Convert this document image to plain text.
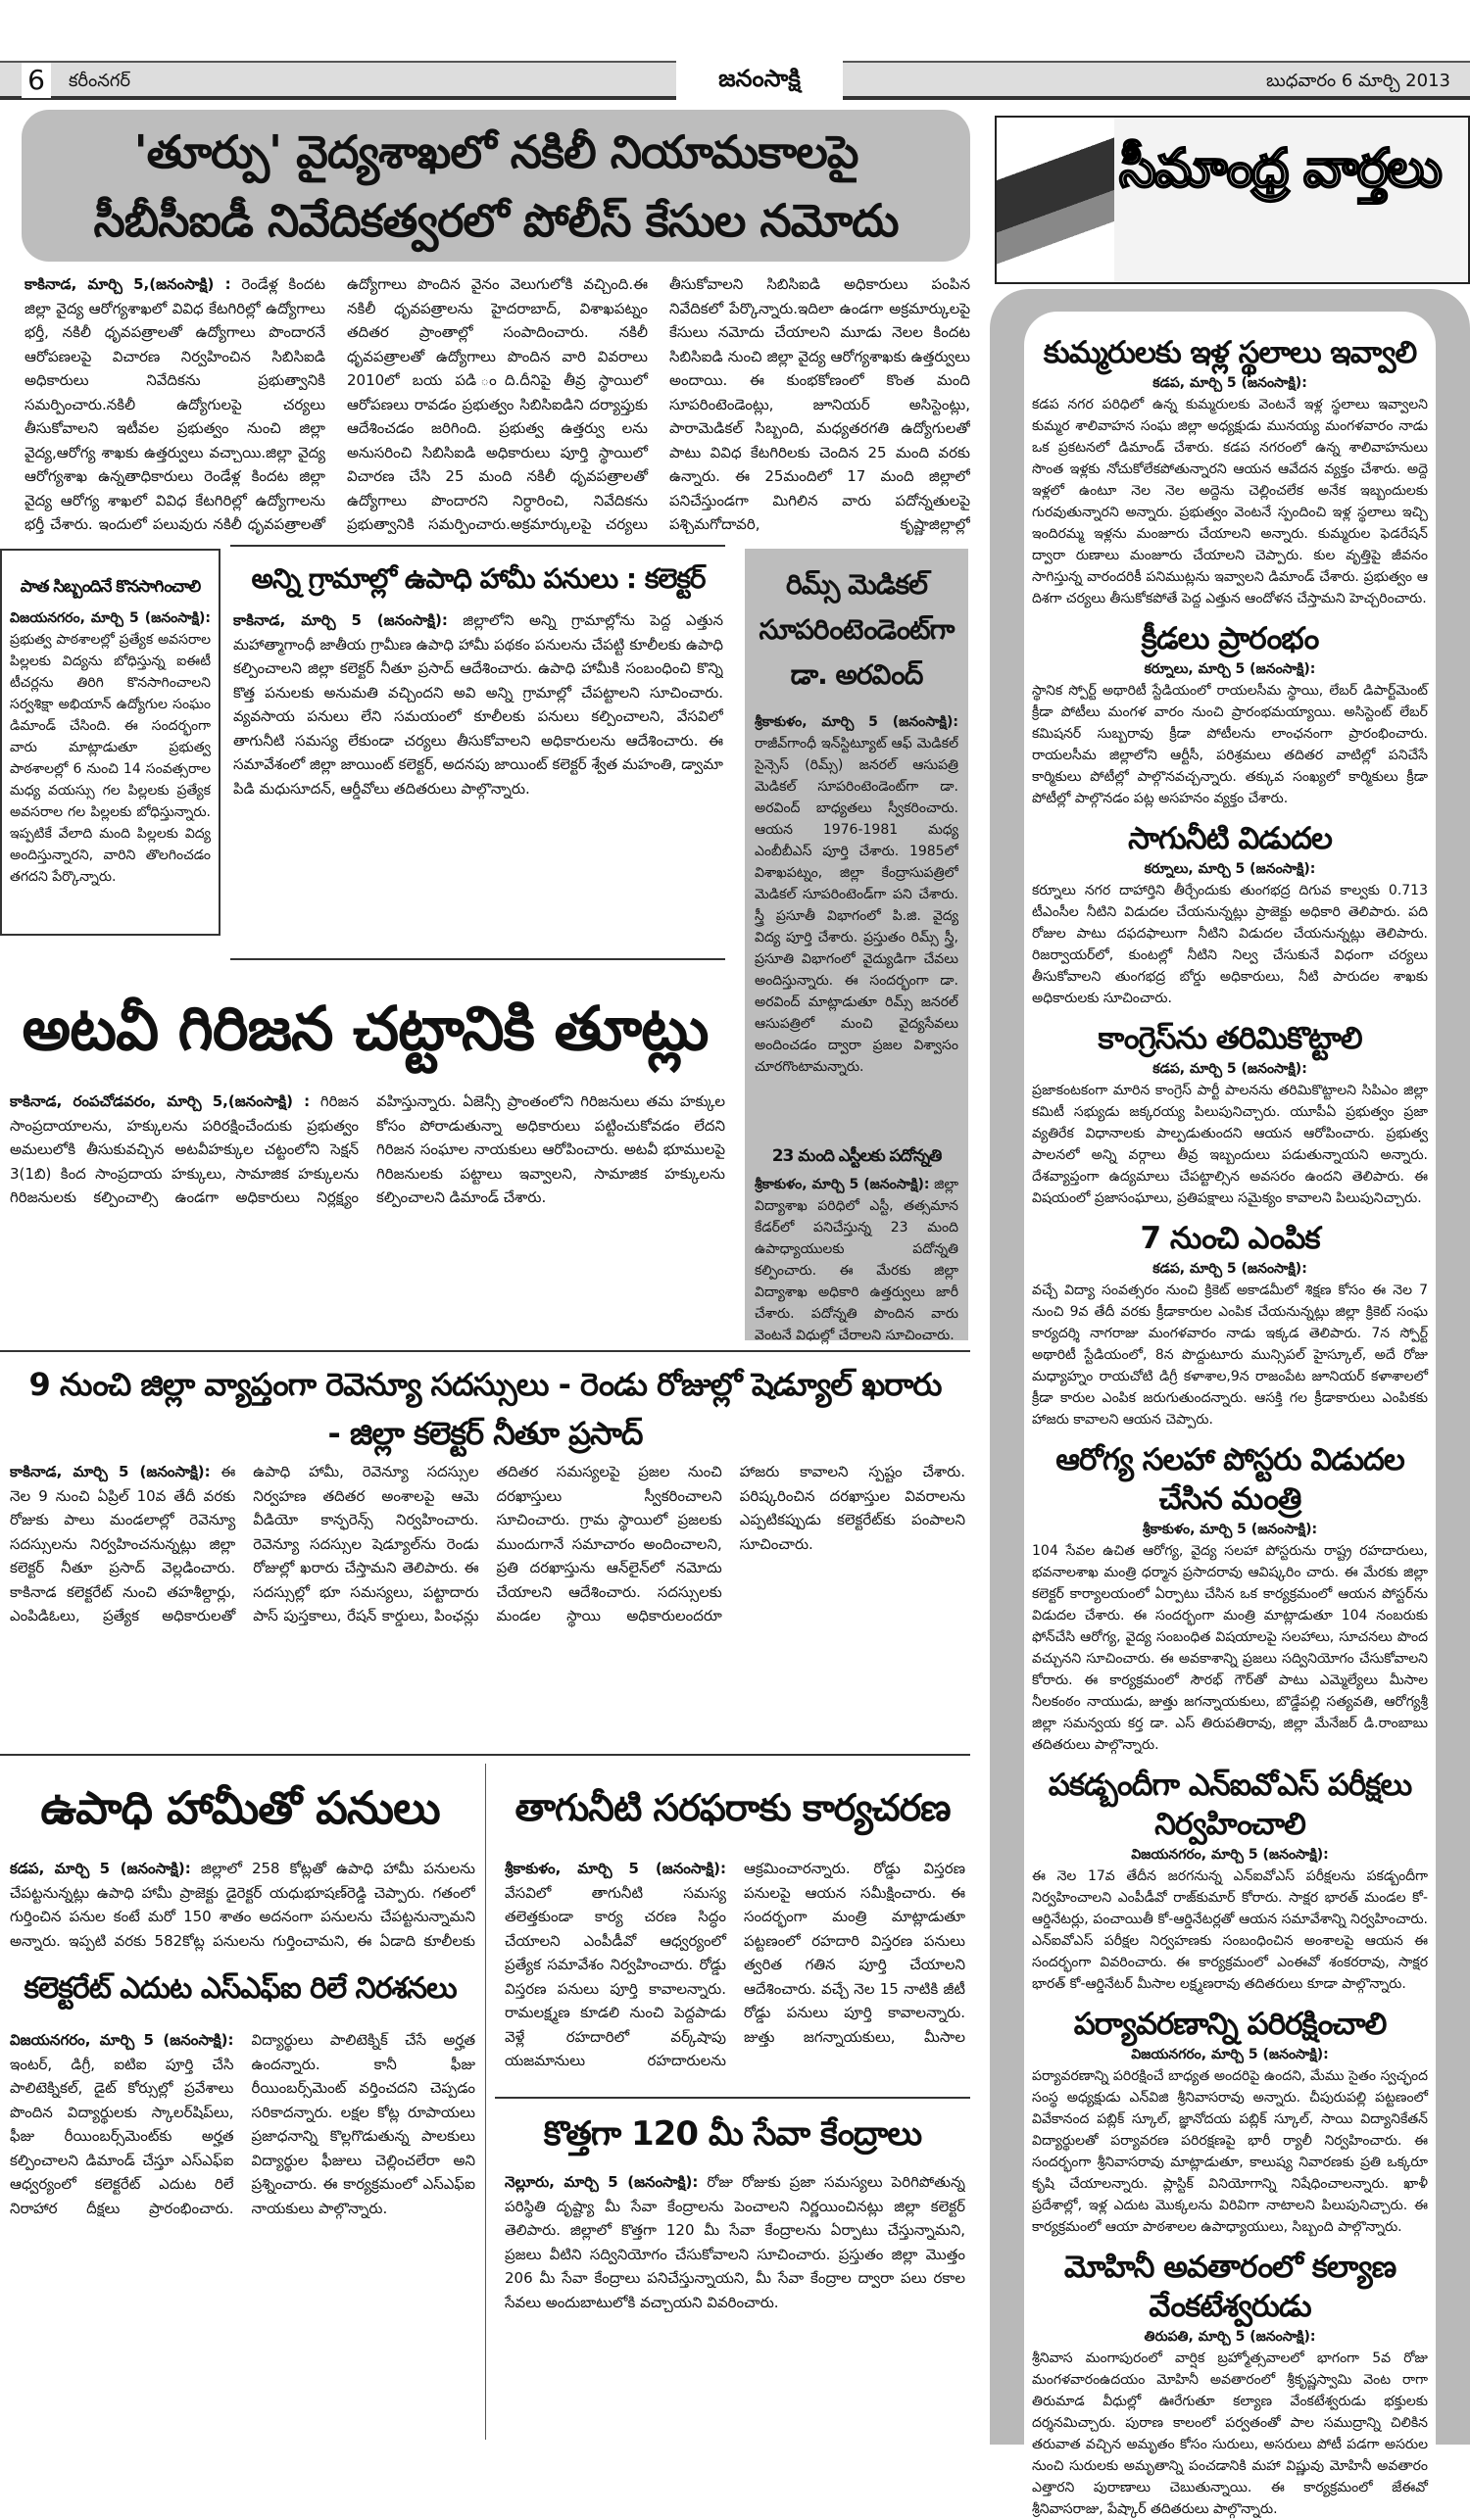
6	కరీంనగర్	జనంసాక్షి	బుధవారం 6 మార్చి 2013
'తూర్పు' వైద్యశాఖలో నకిలీ నియామకాలపై
సీబీసీఐడీ నివేదికత్వరలో పోలీస్ కేసుల నమోదు
కాకినాడ, మార్చి 5,(జనంసాక్షి) : రెండేళ్ల కిందట జిల్లా వైద్య ఆరోగ్యశాఖలో వివిధ కేటగిరిల్లో ఉద్యోగాలు భర్తీ, నకిలీ ధృవపత్రాలతో ఉద్యోగాలు పొందారనే ఆరోపణలపై విచారణ నిర్వహించిన సిబిసిఐడి అధికారులు నివేదికను ప్రభుత్వానికి సమర్పించారు.నకిలీ ఉద్యోగులపై చర్యలు తీసుకోవాలని ఇటీవల ప్రభుత్వం నుంచి జిల్లా వైద్య,ఆరోగ్య శాఖకు ఉత్తర్వులు వచ్చాయి.జిల్లా వైద్య ఆరోగ్యశాఖ ఉన్నతాధికారులు రెండేళ్ల కిందట జిల్లా వైద్య ఆరోగ్య శాఖలో వివిధ కేటగిరిల్లో ఉద్యోగాలను భర్తీ చేశారు. ఇందులో పలువురు నకిలీ ధృవపత్రాలతో ఉద్యోగాలు పొందిన వైనం వెలుగులోకి వచ్చింది.ఈ నకిలీ ధృవపత్రాలను హైదరాబాద్, విశాఖపట్నం తదితర ప్రాంతాల్లో సంపాదించారు. నకిలీ ధృవపత్రాలతో ఉద్యోగాలు పొందిన వారి వివరాలు 2010లో బయ పడి ంది.దీనిపై తీవ్ర స్థాయిలో ఆరోపణలు రావడం ప్రభుత్వం సిబిసిఐడిని దర్యాప్తుకు ఆదేశించడం జరిగింది. ప్రభుత్వ ఉత్తర్వు లను అనుసరించి సిబిసిఐడి అధికారులు పూర్తి స్థాయిలో విచారణ చేసి 25 మంది నకిలీ ధృవపత్రాలతో ఉద్యోగాలు పొందారని నిర్ధారించి, నివేదికను ప్రభుత్వానికి సమర్పించారు.అక్రమార్కులపై చర్యలు తీసుకోవాలని సిబిసిఐడి అధికారులు పంపిన నివేదికలో పేర్కొన్నారు.ఇదిలా ఉండగా అక్రమార్కులపై కేసులు నమోదు చేయాలని మూడు నెలల కిందట సిబిసిఐడి నుంచి జిల్లా వైద్య ఆరోగ్యశాఖకు ఉత్తర్వులు అందాయి. ఈ కుంభకోణంలో కొంత మంది సూపరింటెండెంట్లు, జూనియర్ అసిస్టెంట్లు, పారామెడికల్ సిబ్బంది, మధ్యతరగతి ఉద్యోగులతో పాటు వివిధ కేటగిరిలకు చెందిన 25 మంది వరకు ఉన్నారు. ఈ 25మందిలో 17 మంది జిల్లాలో పనిచేస్తుండగా మిగిలిన వారు పదోన్నతులపై పశ్చిమగోదావరి, కృష్ణాజిల్లాల్లో
సీమాంధ్ర వార్తలు
పాత సిబ్బందినే కొనసాగించాలి
విజయనగరం, మార్చి 5 (జనంసాక్షి): ప్రభుత్వ పాఠశాలల్లో ప్రత్యేక అవసరాల పిల్లలకు విద్యను బోధిస్తున్న ఐఈటీ టీచర్లను తిరిగి కొనసాగించాలని సర్వశిక్షా అభియాన్ ఉద్యోగుల సంఘం డిమాండ్ చేసింది. ఈ సందర్భంగా వారు మాట్లాడుతూ ప్రభుత్వ పాఠశాలల్లో 6 నుంచి 14 సంవత్సరాల మధ్య వయస్సు గల పిల్లలకు ప్రత్యేక అవసరాల గల పిల్లలకు బోధిస్తున్నారు. ఇప్పటికే వేలాది మంది పిల్లలకు విద్య అందిస్తున్నారని, వారిని తొలగించడం తగదని పేర్కొన్నారు.
అన్ని గ్రామాల్లో ఉపాధి హామీ పనులు : కలెక్టర్
కాకినాడ, మార్చి 5 (జనంసాక్షి): జిల్లాలోని అన్ని గ్రామాల్లోను పెద్ద ఎత్తున మహాత్మాగాంధీ జాతీయ గ్రామీణ ఉపాధి హామీ పథకం పనులను చేపట్టి కూలీలకు ఉపాధి కల్పించాలని జిల్లా కలెక్టర్ నీతూ ప్రసాద్ ఆదేశించారు. ఉపాధి హామీకి సంబంధించి కొన్ని కొత్త పనులకు అనుమతి వచ్చిందని అవి అన్ని గ్రామాల్లో చేపట్టాలని సూచించారు. వ్యవసాయ పనులు లేని సమయంలో కూలీలకు పనులు కల్పించాలని, వేసవిలో తాగునీటి సమస్య లేకుండా చర్యలు తీసుకోవాలని అధికారులను ఆదేశించారు. ఈ సమావేశంలో జిల్లా జాయింట్ కలెక్టర్, అదనపు జాయింట్ కలెక్టర్ శ్వేత మహంతి, డ్వామా పిడి మధుసూదన్, ఆర్డీవోలు తదితరులు పాల్గొన్నారు.
రిమ్స్ మెడికల్ సూపరింటెండెంట్‌గా డా. అరవింద్
శ్రీకాకుళం, మార్చి 5 (జనంసాక్షి): రాజీవ్‌గాంధీ ఇన్‌స్టిట్యూట్ ఆఫ్ మెడికల్ సైన్సెస్ (రిమ్స్) జనరల్ ఆసుపత్రి మెడికల్ సూపరింటెండెంట్‌గా డా. అరవింద్ బాధ్యతలు స్వీకరించారు. ఆయన 1976-1981 మధ్య ఎంబీబీఎస్ పూర్తి చేశారు. 1985లో విశాఖపట్నం, జిల్లా కేంద్రాసుపత్రిలో మెడికల్ సూపరింటెండ్‌గా పని చేశారు. స్త్రీ ప్రసూతీ విభాగంలో పి.జి. వైద్య విద్య పూర్తి చేశారు. ప్రస్తుతం రిమ్స్ స్త్రీ, ప్రసూతి విభాగంలో వైద్యుడిగా చేవలు అందిస్తున్నారు. ఈ సందర్భంగా డా. అరవింద్ మాట్లాడుతూ రిమ్స్ జనరల్ ఆసుపత్రిలో మంచి వైద్యసేవలు అందించడం ద్వారా ప్రజల విశ్వాసం చూరగొంటామన్నారు.
23 మంది ఎస్టీలకు పదోన్నతి
శ్రీకాకుళం, మార్చి 5 (జనంసాక్షి): జిల్లా విద్యాశాఖ పరిధిలో ఎస్టీ, తత్సమాన కేడర్‌లో పనిచేస్తున్న 23 మంది ఉపాధ్యాయులకు పదోన్నతి కల్పించారు. ఈ మేరకు జిల్లా విద్యాశాఖ అధికారి ఉత్తర్వులు జారీ చేశారు. పదోన్నతి పొందిన వారు వెంటనే విధుల్లో చేరాలని సూచించారు.
అటవీ గిరిజన చట్టానికి తూట్లు
కాకినాడ, రంపచోడవరం, మార్చి 5,(జనంసాక్షి) : గిరిజన సాంప్రదాయాలను, హక్కులను పరిరక్షించేందుకు ప్రభుత్వం అమలులోకి తీసుకువచ్చిన అటవీహక్కుల చట్టంలోని సెక్షన్ 3(1బి) కింద సాంప్రదాయ హక్కులు, సామాజిక హక్కులను గిరిజనులకు కల్పించాల్సి ఉండగా అధికారులు నిర్లక్ష్యం వహిస్తున్నారు. ఏజెన్సీ ప్రాంతంలోని గిరిజనులు తమ హక్కుల కోసం పోరాడుతున్నా అధికారులు పట్టించుకోవడం లేదని గిరిజన సంఘాల నాయకులు ఆరోపించారు. అటవీ భూములపై గిరిజనులకు పట్టాలు ఇవ్వాలని, సామాజిక హక్కులను కల్పించాలని డిమాండ్ చేశారు.
9 నుంచి జిల్లా వ్యాప్తంగా రెవెన్యూ సదస్సులు - రెండు రోజుల్లో షెడ్యూల్ ఖరారు
- జిల్లా కలెక్టర్ నీతూ ప్రసాద్
కాకినాడ, మార్చి 5 (జనంసాక్షి): ఈ నెల 9 నుంచి ఏప్రిల్ 10వ తేదీ వరకు రోజుకు పాలు మండలాల్లో రెవెన్యూ సదస్సులను నిర్వహించనున్నట్లు జిల్లా కలెక్టర్ నీతూ ప్రసాద్ వెల్లడించారు. కాకినాడ కలెక్టరేట్ నుంచి తహశీల్దార్లు, ఎంపిడిఓలు, ప్రత్యేక అధికారులతో ఉపాధి హామీ, రెవెన్యూ సదస్సుల నిర్వహణ తదితర అంశాలపై ఆమె వీడియో కాన్ఫరెన్స్ నిర్వహించారు. రెవెన్యూ సదస్సుల షెడ్యూల్‌ను రెండు రోజుల్లో ఖరారు చేస్తామని తెలిపారు. ఈ సదస్సుల్లో భూ సమస్యలు, పట్టాదారు పాస్ పుస్తకాలు, రేషన్ కార్డులు, పింఛన్లు తదితర సమస్యలపై ప్రజల నుంచి దరఖాస్తులు స్వీకరించాలని సూచించారు. గ్రామ స్థాయిలో ప్రజలకు ముందుగానే సమాచారం అందించాలని, ప్రతి దరఖాస్తును ఆన్‌లైన్‌లో నమోదు చేయాలని ఆదేశించారు. సదస్సులకు మండల స్థాయి అధికారులందరూ హాజరు కావాలని స్పష్టం చేశారు. పరిష్కరించిన దరఖాస్తుల వివరాలను ఎప్పటికప్పుడు కలెక్టరేట్‌కు పంపాలని సూచించారు.
ఉపాధి హామీతో పనులు
కడప, మార్చి 5 (జనంసాక్షి): జిల్లాలో 258 కోట్లతో ఉపాధి హామీ పనులను చేపట్టనున్నట్లు ఉపాధి హామీ ప్రాజెక్టు డైరెక్టర్ యధుభూషణ్‌రెడ్డి చెప్పారు. గతంలో గుర్తించిన పనుల కంటే మరో 150 శాతం అదనంగా పనులను చేపట్టనున్నామని అన్నారు. ఇప్పటి వరకు 582కోట్ల పనులను గుర్తించామని, ఈ ఏడాది కూలీలకు
కలెక్టరేట్ ఎదుట ఎస్‌ఎఫ్‌ఐ రిలే నిరశనలు
విజయనగరం, మార్చి 5 (జనంసాక్షి): ఇంటర్, డిగ్రీ, ఐటిఐ పూర్తి చేసి పాలిటెక్నికల్, డైట్ కోర్సుల్లో ప్రవేశాలు పొందిన విద్యార్థులకు స్కాలర్‌షిప్‌లు, ఫీజు రీయింబర్స్‌మెంట్‌కు అర్హత కల్పించాలని డిమాండ్ చేస్తూ ఎస్‌ఎఫ్‌ఐ ఆధ్వర్యంలో కలెక్టరేట్ ఎదుట రిలే నిరాహార దీక్షలు ప్రారంభించారు. విద్యార్థులు పాలిటెక్నిక్ చేసే అర్హత ఉందన్నారు. కానీ ఫీజు రీయింబర్స్‌మెంట్ వర్తించదని చెప్పడం సరికాదన్నారు. లక్షల కోట్ల రూపాయలు ప్రజాధనాన్ని కొల్లగొడుతున్న పాలకులు విద్యార్థుల ఫీజులు చెల్లించలేరా అని ప్రశ్నించారు. ఈ కార్యక్రమంలో ఎస్‌ఎఫ్‌ఐ నాయకులు పాల్గొన్నారు.
తాగునీటి సరఫరాకు కార్యచరణ
శ్రీకాకుళం, మార్చి 5 (జనంసాక్షి): వేసవిలో తాగునీటి సమస్య తలెత్తకుండా కార్య చరణ సిద్ధం చేయాలని ఎంపీడీవో ఆధ్వర్యంలో ప్రత్యేక సమావేశం నిర్వహించారు. రోడ్డు విస్తరణ పనులు పూర్తి కావాలన్నారు. రామలక్ష్మణ కూడలి నుంచి పెద్దపాడు వెళ్లే రహదారిలో వర్క్‌షాపు యజమానులు రహదారులను ఆక్రమించారన్నారు. రోడ్డు విస్తరణ పనులపై ఆయన సమీక్షించారు. ఈ సందర్భంగా మంత్రి మాట్లాడుతూ పట్టణంలో రహదారి విస్తరణ పనులు త్వరిత గతిన పూర్తి చేయాలని ఆదేశించారు. వచ్చే నెల 15 నాటికి జీటీ రోడ్డు పనులు పూర్తి కావాలన్నారు. జుత్తు జగన్నాయకులు, మీసాల
కొత్తగా 120 మీ సేవా కేంద్రాలు
నెల్లూరు, మార్చి 5 (జనంసాక్షి): రోజు రోజుకు ప్రజా సమస్యలు పెరిగిపోతున్న పరిస్థితి దృష్ట్యా మీ సేవా కేంద్రాలను పెంచాలని నిర్ణయించినట్లు జిల్లా కలెక్టర్ తెలిపారు. జిల్లాలో కొత్తగా 120 మీ సేవా కేంద్రాలను ఏర్పాటు చేస్తున్నామని, ప్రజలు వీటిని సద్వినియోగం చేసుకోవాలని సూచించారు. ప్రస్తుతం జిల్లా మొత్తం 206 మీ సేవా కేంద్రాలు పనిచేస్తున్నాయని, మీ సేవా కేంద్రాల ద్వారా పలు రకాల సేవలు అందుబాటులోకి వచ్చాయని వివరించారు.
కుమ్మరులకు ఇళ్ల స్థలాలు ఇవ్వాలి
కడప, మార్చి 5 (జనంసాక్షి):
కడప నగర పరిధిలో ఉన్న కుమ్మరులకు వెంటనే ఇళ్ల స్థలాలు ఇవ్వాలని కుమ్మర శాలివాహన సంఘ జిల్లా అధ్యక్షుడు మునయ్య మంగళవారం నాడు ఒక ప్రకటనలో డిమాండ్ చేశారు. కడప నగరంలో ఉన్న శాలివాహనులు సొంత ఇళ్లకు నోచుకోలేకపోతున్నారని ఆయన ఆవేదన వ్యక్తం చేశారు. అద్దె ఇళ్లలో ఉంటూ నెల నెల అద్దెను చెల్లించలేక అనేక ఇబ్బందులకు గురవుతున్నారని అన్నారు. ప్రభుత్వం వెంటనే స్పందించి ఇళ్ల స్థలాలు ఇచ్చి ఇందిరమ్మ ఇళ్లను మంజూరు చేయాలని అన్నారు. కుమ్మరుల ఫెడరేషన్ ద్వారా రుణాలు మంజూరు చేయాలని చెప్పారు. కుల వృత్తిపై జీవనం సాగిస్తున్న వారందరికీ పనిముట్లను ఇవ్వాలని డిమాండ్ చేశారు. ప్రభుత్వం ఆ దిశగా చర్యలు తీసుకోకపోతే పెద్ద ఎత్తున ఆందోళన చేస్తామని హెచ్చరించారు.
క్రీడలు ప్రారంభం
కర్నూలు, మార్చి 5 (జనంసాక్షి):
స్థానిక స్పోర్ట్ అథారిటీ స్టేడియంలో రాయలసీమ స్థాయి, లేబర్ డిపార్ట్‌మెంట్ క్రీడా పోటీలు మంగళ వారం నుంచి ప్రారంభమయ్యాయి. అసిస్టెంట్ లేబర్ కమిషనర్ సుబ్బరావు క్రీడా పోటీలను లాంఛనంగా ప్రారంభించారు. రాయలసీమ జిల్లాలోని ఆర్టీసీ, పరిశ్రమలు తదితర వాటిల్లో పనిచేసే కార్మికులు పోటీల్లో పాల్గొనవచ్చన్నారు. తక్కువ సంఖ్యలో కార్మికులు క్రీడా పోటీల్లో పాల్గొనడం పట్ల అసహనం వ్యక్తం చేశారు.
సాగునీటి విడుదల
కర్నూలు, మార్చి 5 (జనంసాక్షి):
కర్నూలు నగర దాహార్తిని తీర్చేందుకు తుంగభద్ర దిగువ కాల్వకు 0.713 టీఎంసీల నీటిని విడుదల చేయనున్నట్లు ప్రాజెక్టు అధికారి తెలిపారు. పది రోజుల పాటు దఫదఫాలుగా నీటిని విడుదల చేయనున్నట్లు తెలిపారు. రిజర్వాయర్‌లో, కుంటల్లో నీటిని నిల్వ చేసుకునే విధంగా చర్యలు తీసుకోవాలని తుంగభద్ర బోర్డు అధికారులు, నీటి పారుదల శాఖకు అధికారులకు సూచించారు.
కాంగ్రెస్‌ను తరిమికొట్టాలి
కడప, మార్చి 5 (జనంసాక్షి):
ప్రజాకంటకంగా మారిన కాంగ్రెస్ పార్టీ పాలనను తరిమికొట్టాలని సిపిఎం జిల్లా కమిటీ సభ్యుడు జక్కరయ్య పిలుపునిచ్చారు. యూపీఏ ప్రభుత్వం ప్రజా వ్యతిరేక విధానాలకు పాల్పడుతుందని ఆయన ఆరోపించారు. ప్రభుత్వ పాలనలో అన్ని వర్గాలు తీవ్ర ఇబ్బందులు పడుతున్నాయని అన్నారు. దేశవ్యాప్తంగా ఉద్యమాలు చేపట్టాల్సిన అవసరం ఉందని తెలిపారు. ఈ విషయంలో ప్రజాసంఘాలు, ప్రతిపక్షాలు సమైక్యం కావాలని పిలుపునిచ్చారు.
7 నుంచి ఎంపిక
కడప, మార్చి 5 (జనంసాక్షి):
వచ్చే విద్యా సంవత్సరం నుంచి క్రికెట్ అకాడమీలో శిక్షణ కోసం ఈ నెల 7 నుంచి 9వ తేదీ వరకు క్రీడాకారుల ఎంపిక చేయనున్నట్లు జిల్లా క్రికెట్ సంఘ కార్యదర్శి నాగరాజు మంగళవారం నాడు ఇక్కడ తెలిపారు. 7న స్పోర్ట్ అథారిటీ స్టేడియంలో, 8న పొద్దుటూరు మున్సిపల్ హైస్కూల్, అదే రోజు మధ్యాహ్నం రాయచోటి డిగ్రీ కళాశాల,9న రాజంపేట జూనియర్ కళాశాలలో క్రీడా కారుల ఎంపిక జరుగుతుందన్నారు. ఆసక్తి గల క్రీడాకారులు ఎంపికకు హాజరు కావాలని ఆయన చెప్పారు.
ఆరోగ్య సలహా పోస్టరు విడుదల చేసిన మంత్రి
శ్రీకాకుళం, మార్చి 5 (జనంసాక్షి):
104 సేవల ఉచిత ఆరోగ్య, వైద్య సలహా పోస్టరును రాష్ట్ర రహదారులు, భవనాలశాఖ మంత్రి ధర్మాన ప్రసాదరావు ఆవిష్కరిం చారు. ఈ మేరకు జిల్లా కలెక్టర్ కార్యాలయంలో ఏర్పాటు చేసిన ఒక కార్యక్రమంలో ఆయన పోస్టర్‌ను విడుదల చేశారు. ఈ సందర్భంగా మంత్రి మాట్లాడుతూ 104 నంబరుకు ఫోన్‌చేసి ఆరోగ్య, వైద్య సంబంధిత విషయాలపై సలహాలు, సూచనలు పొంద వచ్చునని సూచించారు. ఈ అవకాశాన్ని ప్రజలు సద్వినియోగం చేసుకోవాలని కోరారు. ఈ కార్యక్రమంలో సౌరభ్ గౌర్‌తో పాటు ఎమ్మెల్యేలు మీసాల నీలకంఠం నాయుడు, జుత్తు జగన్నాయకులు, బొడ్డేపల్లి సత్యవతి, ఆరోగ్యశ్రీ జిల్లా సమన్వయ కర్త డా. ఎస్ తిరుపతిరావు, జిల్లా మేనేజర్ డి.రాంబాబు తదితరులు పాల్గొన్నారు.
పకడ్బందీగా ఎన్‌ఐవోఎస్ పరీక్షలు నిర్వహించాలి
విజయనగరం, మార్చి 5 (జనంసాక్షి):
ఈ నెల 17వ తేదీన జరగనున్న ఎన్‌ఐవోఎస్ పరీక్షలను పకడ్బందీగా నిర్వహించాలని ఎంపీడీవో రాజ్‌కుమార్ కోరారు. సాక్షర భారత్ మండల కో-ఆర్డినేటర్లు, పంచాయితీ కో-ఆర్డినేటర్లతో ఆయన సమావేశాన్ని నిర్వహించారు. ఎన్‌ఐవోఎస్ పరీక్షల నిర్వహణకు సంబంధించిన అంశాలపై ఆయన ఈ సందర్భంగా వివరించారు. ఈ కార్యక్రమంలో ఎంఈవో శంకరరావు, సాక్షర భారత్ కో-ఆర్డినేటర్ మీసాల లక్ష్మణరావు తదితరులు కూడా పాల్గొన్నారు.
పర్యావరణాన్ని పరిరక్షించాలి
విజయనగరం, మార్చి 5 (జనంసాక్షి):
పర్యావరణాన్ని పరిరక్షించే బాధ్యత అందరిపై ఉందని, మేము సైతం స్వచ్ఛంద సంస్థ అధ్యక్షుడు ఎన్‌విజి శ్రీనివాసరావు అన్నారు. చీపురుపల్లి పట్టణంలో వివేకానంద పబ్లిక్ స్కూల్, జ్ఞానోదయ పబ్లిక్ స్కూల్, సాయి విద్యానికేతన్ విద్యార్థులతో పర్యావరణ పరిరక్షణపై భారీ ర్యాలీ నిర్వహించారు. ఈ సందర్భంగా శ్రీనివాసరావు మాట్లాడుతూ, కాలుష్య నివారణకు ప్రతి ఒక్కరూ కృషి చేయాలన్నారు. ప్లాస్టిక్ వినియోగాన్ని నిషేధించాలన్నారు. ఖాళీ ప్రదేశాల్లో, ఇళ్ల ఎదుట మొక్కలను విరివిగా నాటాలని పిలుపునిచ్చారు. ఈ కార్యక్రమంలో ఆయా పాఠశాలల ఉపాధ్యాయులు, సిబ్బంది పాల్గొన్నారు.
మోహినీ అవతారంలో కల్యాణ వేంకటేశ్వరుడు
తిరుపతి, మార్చి 5 (జనంసాక్షి):
శ్రీనివాస మంగాపురంలో వార్షిక బ్రహ్మోత్సవాలలో భాగంగా 5వ రోజు మంగళవారంఉదయం మోహినీ అవతారంలో శ్రీకృష్ణస్వామి వెంట రాగా తిరుమాడ వీధుల్లో ఊరేగుతూ కల్యాణ వేంకటేశ్వరుడు భక్తులకు దర్శనమిచ్చారు. పురాణ కాలంలో పర్వతంతో పాల సముద్రాన్ని చిలికిన తరువాత వచ్చిన అమృతం కోసం సురులు, అసరులు పోటీ పడగా అసరుల నుంచి సురులకు అమృతాన్ని పంచడానికి మహా విష్ణువు మోహినీ అవతారం ఎత్తారని పురాణాలు చెబుతున్నాయి. ఈ కార్యక్రమంలో జేఈవో శ్రీనివాసరాజు, పేష్కార్ తదితరులు పాల్గొన్నారు.
